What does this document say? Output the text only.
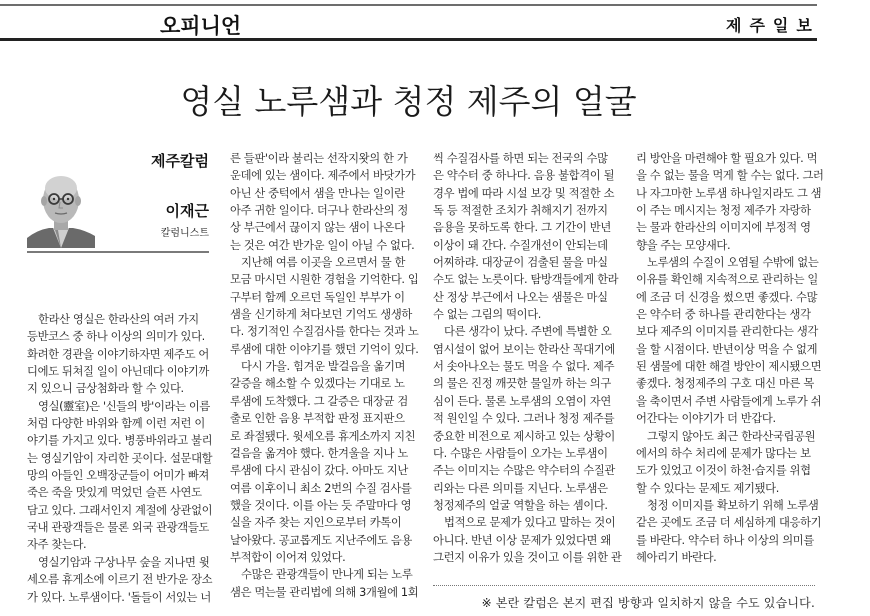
오피니언	제주일보
영실 노루샘과 청정 제주의 얼굴
제주칼럼
이재근
칼럼니스트
한라산 영실은 한라산의 여러 가지
등반코스 중 하나 이상의 의미가 있다.
화려한 경관을 이야기하자면 제주도 어
디에도 뒤쳐질 일이 아닌데다 이야기까
지 있으니 금상첨화라 할 수 있다.
영실(靈室)은 '신들의 방'이라는 이름
처럼 다양한 바위와 함께 이런 저런 이
야기를 가지고 있다. 병풍바위라고 불리
는 영실기암이 자리한 곳이다. 설문대할
망의 아들인 오백장군들이 어미가 빠져
죽은 죽을 맛있게 먹었던 슬픈 사연도
담고 있다. 그래서인지 계절에 상관없이
국내 관광객들은 물론 외국 관광객들도
자주 찾는다.
영실기암과 구상나무 숲을 지나면 윗
세오름 휴게소에 이르기 전 반가운 장소
가 있다. 노루샘이다. '돌들이 서있는 너
른 들판'이라 불리는 선작지왓의 한 가
운데에 있는 샘이다. 제주에서 바닷가가
아닌 산 중턱에서 샘을 만나는 일이란
아주 귀한 일이다. 더구나 한라산의 정
상 부근에서 끊이지 않는 샘이 나온다
는 것은 여간 반가운 일이 아닐 수 없다.
지난해 여름 이곳을 오르면서 물 한
모금 마시던 시원한 경험을 기억한다. 입
구부터 함께 오르던 독일인 부부가 이
샘을 신기하게 쳐다보던 기억도 생생하
다. 정기적인 수질검사를 한다는 것과 노
루샘에 대한 이야기를 했던 기억이 있다.
다시 가을. 힘겨운 발걸음을 옮기며
갈증을 해소할 수 있겠다는 기대로 노
루샘에 도착했다. 그 갈증은 대장균 검
출로 인한 음용 부적합 판정 표지판으
로 좌절됐다. 윗세오름 휴게소까지 지친
걸음을 옮겨야 했다. 한겨울을 지나 노
루샘에 다시 관심이 갔다. 아마도 지난
여름 이후이니 최소 2번의 수질 검사를
했을 것이다. 이를 아는 듯 주말마다 영
실을 자주 찾는 지인으로부터 카톡이
날아왔다. 공교롭게도 지난주에도 음용
부적합이 이어져 있었다.
수많은 관광객들이 만나게 되는 노루
샘은 먹는물 관리법에 의해 3개월에 1회
씩 수질검사를 하면 되는 전국의 수많
은 약수터 중 하나다. 음용 불합격이 될
경우 법에 따라 시설 보강 및 적절한 소
독 등 적절한 조치가 취해지기 전까지
음용을 못하도록 한다. 그 기간이 반년
이상이 돼 간다. 수질개선이 안되는데
어찌하랴. 대장균이 검출된 물을 마실
수도 없는 노릇이다. 탐방객들에게 한라
산 정상 부근에서 나오는 샘물은 마실
수 없는 그림의 떡이다.
다른 생각이 났다. 주변에 특별한 오
염시설이 없어 보이는 한라산 꼭대기에
서 솟아나오는 물도 먹을 수 없다. 제주
의 물은 진정 깨끗한 물일까 하는 의구
심이 든다. 물론 노루샘의 오염이 자연
적 원인일 수 있다. 그러나 청정 제주를
중요한 비전으로 제시하고 있는 상황이
다. 수많은 사람들이 오가는 노루샘이
주는 이미지는 수많은 약수터의 수질관
리와는 다른 의미를 지닌다. 노루샘은
청정제주의 얼굴 역할을 하는 셈이다.
법적으로 문제가 있다고 말하는 것이
아니다. 반년 이상 문제가 있었다면 왜
그런지 이유가 있을 것이고 이를 위한 관
리 방안을 마련해야 할 필요가 있다. 먹
을 수 없는 물을 먹게 할 수는 없다. 그러
나 자그마한 노루샘 하나일지라도 그 샘
이 주는 메시지는 청정 제주가 자랑하
는 물과 한라산의 이미지에 부정적 영
향을 주는 모양새다.
노루샘의 수질이 오염될 수밖에 없는
이유를 확인해 지속적으로 관리하는 일
에 조금 더 신경을 썼으면 좋겠다. 수많
은 약수터 중 하나를 관리한다는 생각
보다 제주의 이미지를 관리한다는 생각
을 할 시점이다. 반년이상 먹을 수 없게
된 샘물에 대한 해결 방안이 제시됐으면
좋겠다. 청정제주의 구호 대신 마른 목
을 축이면서 주변 사람들에게 노루가 쉬
어간다는 이야기가 더 반갑다.
그렇지 않아도 최근 한라산국립공원
에서의 하수 처리에 문제가 많다는 보
도가 있었고 이것이 하천·습지를 위협
할 수 있다는 문제도 제기됐다.
청정 이미지를 확보하기 위해 노루샘
같은 곳에도 조금 더 세심하게 대응하기
를 바란다. 약수터 하나 이상의 의미를
헤아리기 바란다.
※ 본란 칼럼은 본지 편집 방향과 일치하지 않을 수도 있습니다.
